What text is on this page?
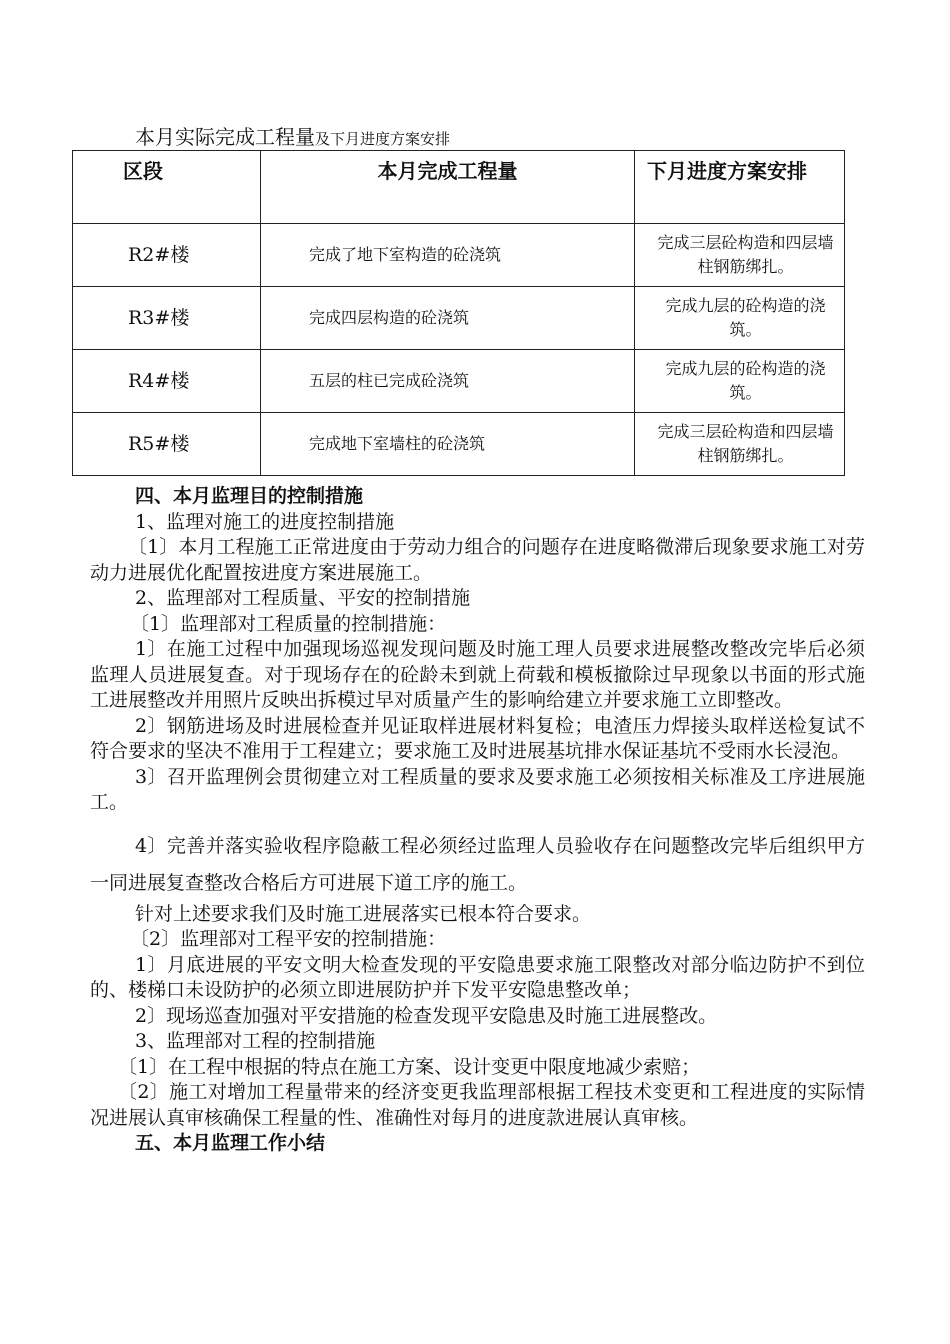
本月实际完成工程量及下月进度方案安排
区段	本月完成工程量	下月进度方案安排
R2#楼	完成了地下室构造的砼浇筑	完成三层砼构造和四层墙柱钢筋绑扎。
R3#楼	完成四层构造的砼浇筑	完成九层的砼构造的浇筑。
R4#楼	五层的柱已完成砼浇筑	完成九层的砼构造的浇筑。
R5#楼	完成地下室墙柱的砼浇筑	完成三层砼构造和四层墙柱钢筋绑扎。

四、本月监理目的控制措施

1、监理对施工的进度控制措施

〔1〕本月工程施工正常进度由于劳动力组合的问题存在进度略微滞后现象要求施工对劳动力进展优化配置按进度方案进展施工。

2、监理部对工程质量、平安的控制措施

〔1〕监理部对工程质量的控制措施：

1〕在施工过程中加强现场巡视发现问题及时施工理人员要求进展整改整改完毕后必须监理人员进展复查。对于现场存在的砼龄未到就上荷载和模板撤除过早现象以书面的形式施工进展整改并用照片反映出拆模过早对质量产生的影响给建立并要求施工立即整改。

2〕钢筋进场及时进展检查并见证取样进展材料复检；电渣压力焊接头取样送检复试不符合要求的坚决不准用于工程建立；要求施工及时进展基坑排水保证基坑不受雨水长浸泡。

3〕召开监理例会贯彻建立对工程质量的要求及要求施工必须按相关标准及工序进展施工。

4〕完善并落实验收程序隐蔽工程必须经过监理人员验收存在问题整改完毕后组织甲方一同进展复查整改合格后方可进展下道工序的施工。

针对上述要求我们及时施工进展落实已根本符合要求。

〔2〕监理部对工程平安的控制措施：

1〕月底进展的平安文明大检查发现的平安隐患要求施工限整改对部分临边防护不到位的、楼梯口未设防护的必须立即进展防护并下发平安隐患整改单；

2〕现场巡查加强对平安措施的检查发现平安隐患及时施工进展整改。

3、监理部对工程的控制措施

〔1〕在工程中根据的特点在施工方案、设计变更中限度地减少索赔；

〔2〕施工对增加工程量带来的经济变更我监理部根据工程技术变更和工程进度的实际情况进展认真审核确保工程量的性、准确性对每月的进度款进展认真审核。

五、本月监理工作小结
